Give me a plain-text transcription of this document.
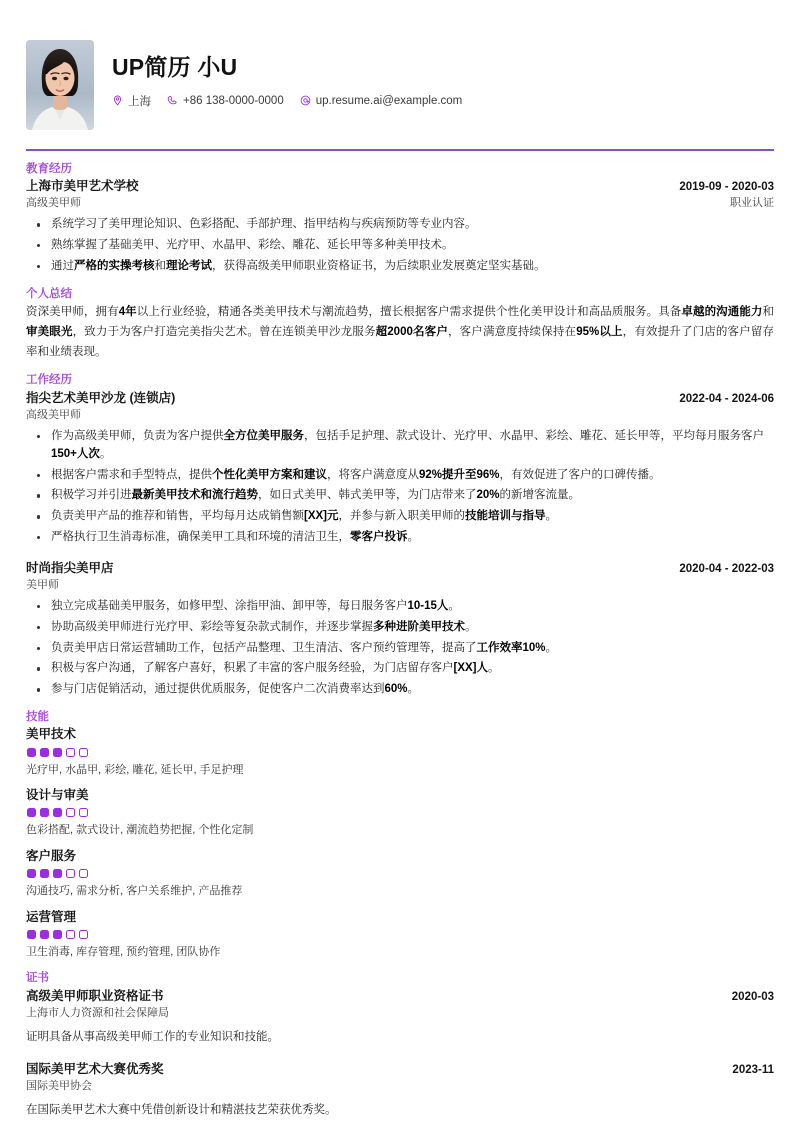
UP简历 小U
上海	+86 138-0000-0000	up.resume.ai@example.com
教育经历
上海市美甲艺术学校	2019-09 - 2020-03
高级美甲师	职业认证
系统学习了美甲理论知识、色彩搭配、手部护理、指甲结构与疾病预防等专业内容。
熟练掌握了基础美甲、光疗甲、水晶甲、彩绘、雕花、延长甲等多种美甲技术。
通过严格的实操考核和理论考试，获得高级美甲师职业资格证书，为后续职业发展奠定坚实基础。
个人总结
资深美甲师，拥有4年以上行业经验，精通各类美甲技术与潮流趋势，擅长根据客户需求提供个性化美甲设计和高品质服务。具备卓越的沟通能力和审美眼光，致力于为客户打造完美指尖艺术。曾在连锁美甲沙龙服务超2000名客户，客户满意度持续保持在95%以上，有效提升了门店的客户留存率和业绩表现。
工作经历
指尖艺术美甲沙龙 (连锁店)	2022-04 - 2024-06
高级美甲师
作为高级美甲师，负责为客户提供全方位美甲服务，包括手足护理、款式设计、光疗甲、水晶甲、彩绘、雕花、延长甲等，平均每月服务客户150+人次。
根据客户需求和手型特点，提供个性化美甲方案和建议，将客户满意度从92%提升至96%，有效促进了客户的口碑传播。
积极学习并引进最新美甲技术和流行趋势，如日式美甲、韩式美甲等，为门店带来了20%的新增客流量。
负责美甲产品的推荐和销售，平均每月达成销售额[XX]元，并参与新入职美甲师的技能培训与指导。
严格执行卫生消毒标准，确保美甲工具和环境的清洁卫生，零客户投诉。
时尚指尖美甲店	2020-04 - 2022-03
美甲师
独立完成基础美甲服务，如修甲型、涂指甲油、卸甲等，每日服务客户10-15人。
协助高级美甲师进行光疗甲、彩绘等复杂款式制作，并逐步掌握多种进阶美甲技术。
负责美甲店日常运营辅助工作，包括产品整理、卫生清洁、客户预约管理等，提高了工作效率10%。
积极与客户沟通，了解客户喜好，积累了丰富的客户服务经验，为门店留存客户[XX]人。
参与门店促销活动，通过提供优质服务，促使客户二次消费率达到60%。
技能
美甲技术
光疗甲, 水晶甲, 彩绘, 雕花, 延长甲, 手足护理
设计与审美
色彩搭配, 款式设计, 潮流趋势把握, 个性化定制
客户服务
沟通技巧, 需求分析, 客户关系维护, 产品推荐
运营管理
卫生消毒, 库存管理, 预约管理, 团队协作
证书
高级美甲师职业资格证书	2020-03
上海市人力资源和社会保障局
证明具备从事高级美甲师工作的专业知识和技能。
国际美甲艺术大赛优秀奖	2023-11
国际美甲协会
在国际美甲艺术大赛中凭借创新设计和精湛技艺荣获优秀奖。
